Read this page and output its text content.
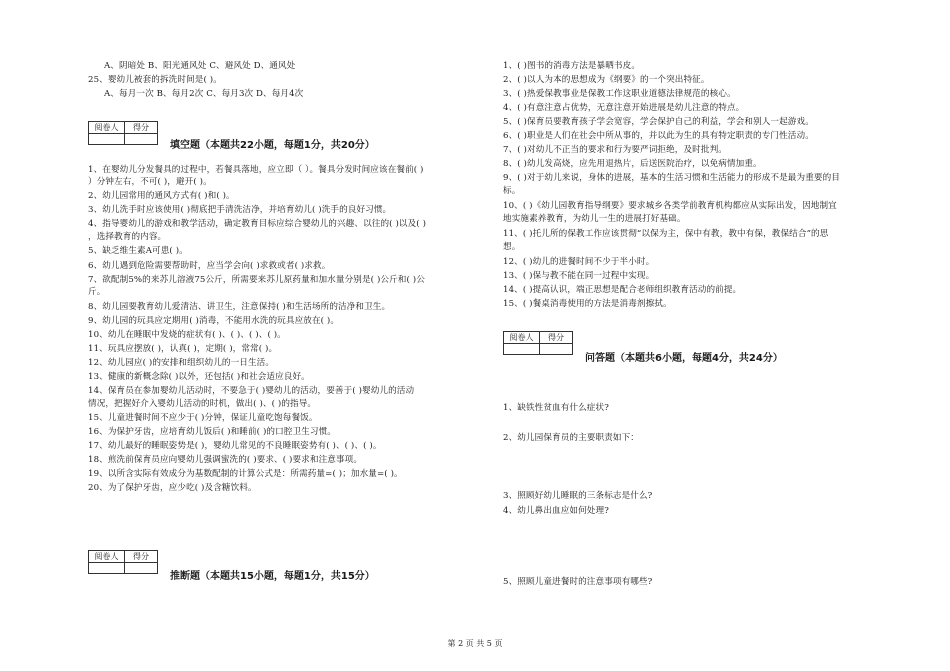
A、阴暗处 B、阳光通风处 C、避风处 D、通风处
25、婴幼儿被套的拆洗时间是( )。
A、每月一次 B、每月2次 C、每月3次 D、每月4次
阅卷人	得分
填空题（本题共22小题，每题1分，共20分）
1、在婴幼儿分发餐具的过程中，若餐具落地，应立即（ ）。餐具分发时间应该在餐前( )
）分钟左右，不可( )，避开( )。
2、幼儿园常用的通风方式有( )和( )。
3、幼儿洗手时应该使用( )彻底把手清洗洁净，并培育幼儿( )洗手的良好习惯。
4、指导婴幼儿的游戏和教学活动，确定教育目标应综合婴幼儿的兴趣、以往的( )以及( )
，选择教育的内容。
5、缺乏维生素A可患( )。
6、幼儿遇到危险需要帮助时，应当学会向( )求救或者( )求救。
7、欲配制5%的来苏儿溶液75公斤，所需要来苏儿原药量和加水量分别是( )公斤和( )公
斤。
8、幼儿园要教育幼儿爱清洁、讲卫生，注意保持( )和生活场所的洁净和卫生。
9、幼儿园的玩具应定期用( )消毒，不能用水洗的玩具应放在( )。
10、幼儿在睡眠中发烧的症状有( )、( )、( )、( )。
11、玩具应摆放( )，认真( )，定期( )，常常( )。
12、幼儿园应( )的安排和组织幼儿的一日生活。
13、健康的新概念除( )以外，还包括( )和社会适应良好。
14、保育员在参加婴幼儿活动时，不要急于( )婴幼儿的活动，要善于( )婴幼儿的活动
情况，把握好介入婴幼儿活动的时机，做出( )、( )的指导。
15、儿童进餐时间不应少于( )分钟，保证儿童吃饱每餐饭。
16、为保护牙齿，应培育幼儿饭后( )和睡前( )的口腔卫生习惯。
17、幼儿最好的睡眠姿势是( )，婴幼儿常见的不良睡眠姿势有( )、( )、( )。
18、煎洗前保育员应向婴幼儿强调蜜洗的( )要求、( )要求和注意事项。
19、以所含实际有效成分为基数配制的计算公式是：所需药量=( )；加水量=( )。
20、为了保护牙齿，应少吃( )及含糖饮料。
阅卷人	得分
推断题（本题共15小题，每题1分，共15分）
1、( )图书的消毒方法是暴晒书皮。
2、( )以人为本的思想成为《纲要》的一个突出特征。
3、( )热爱保教事业是保教工作这职业道德法律规范的核心。
4、( )有意注意占优势，无意注意开始进展是幼儿注意的特点。
5、( )保育员要教育孩子学会宽容，学会保护自己的利益，学会和别人一起游戏。
6、( )职业是人们在社会中所从事的，并以此为生的具有特定职责的专门性活动。
7、( )对幼儿不正当的要求和行为要严词拒绝，及时批判。
8、( )幼儿发高烧，应先用退热片，后送医院治疗，以免病情加重。
9、( )对于幼儿来说，身体的进展，基本的生活习惯和生活能力的形成不是最为重要的目
标。
10、( )《幼儿园教育指导纲要》要求城乡各类学前教育机构都应从实际出发，因地制宜
地实施素养教育，为幼儿一生的进展打好基础。
11、( )托儿所的保教工作应该贯彻“以保为主，保中有教，教中有保，教保结合”的思
想。
12、( )幼儿的进餐时间不少于半小时。
13、( )保与教不能在同一过程中实现。
14、( )提高认识，端正思想是配合老师组织教育活动的前提。
15、( )餐桌消毒使用的方法是消毒剂擦拭。
阅卷人	得分
问答题（本题共6小题，每题4分，共24分）
1、缺铁性贫血有什么症状?
2、幼儿园保育员的主要职责如下：
3、照顾好幼儿睡眠的三条标志是什么?
4、幼儿鼻出血应如何处理?
5、照顾儿童进餐时的注意事项有哪些?
第 2 页 共 5 页
